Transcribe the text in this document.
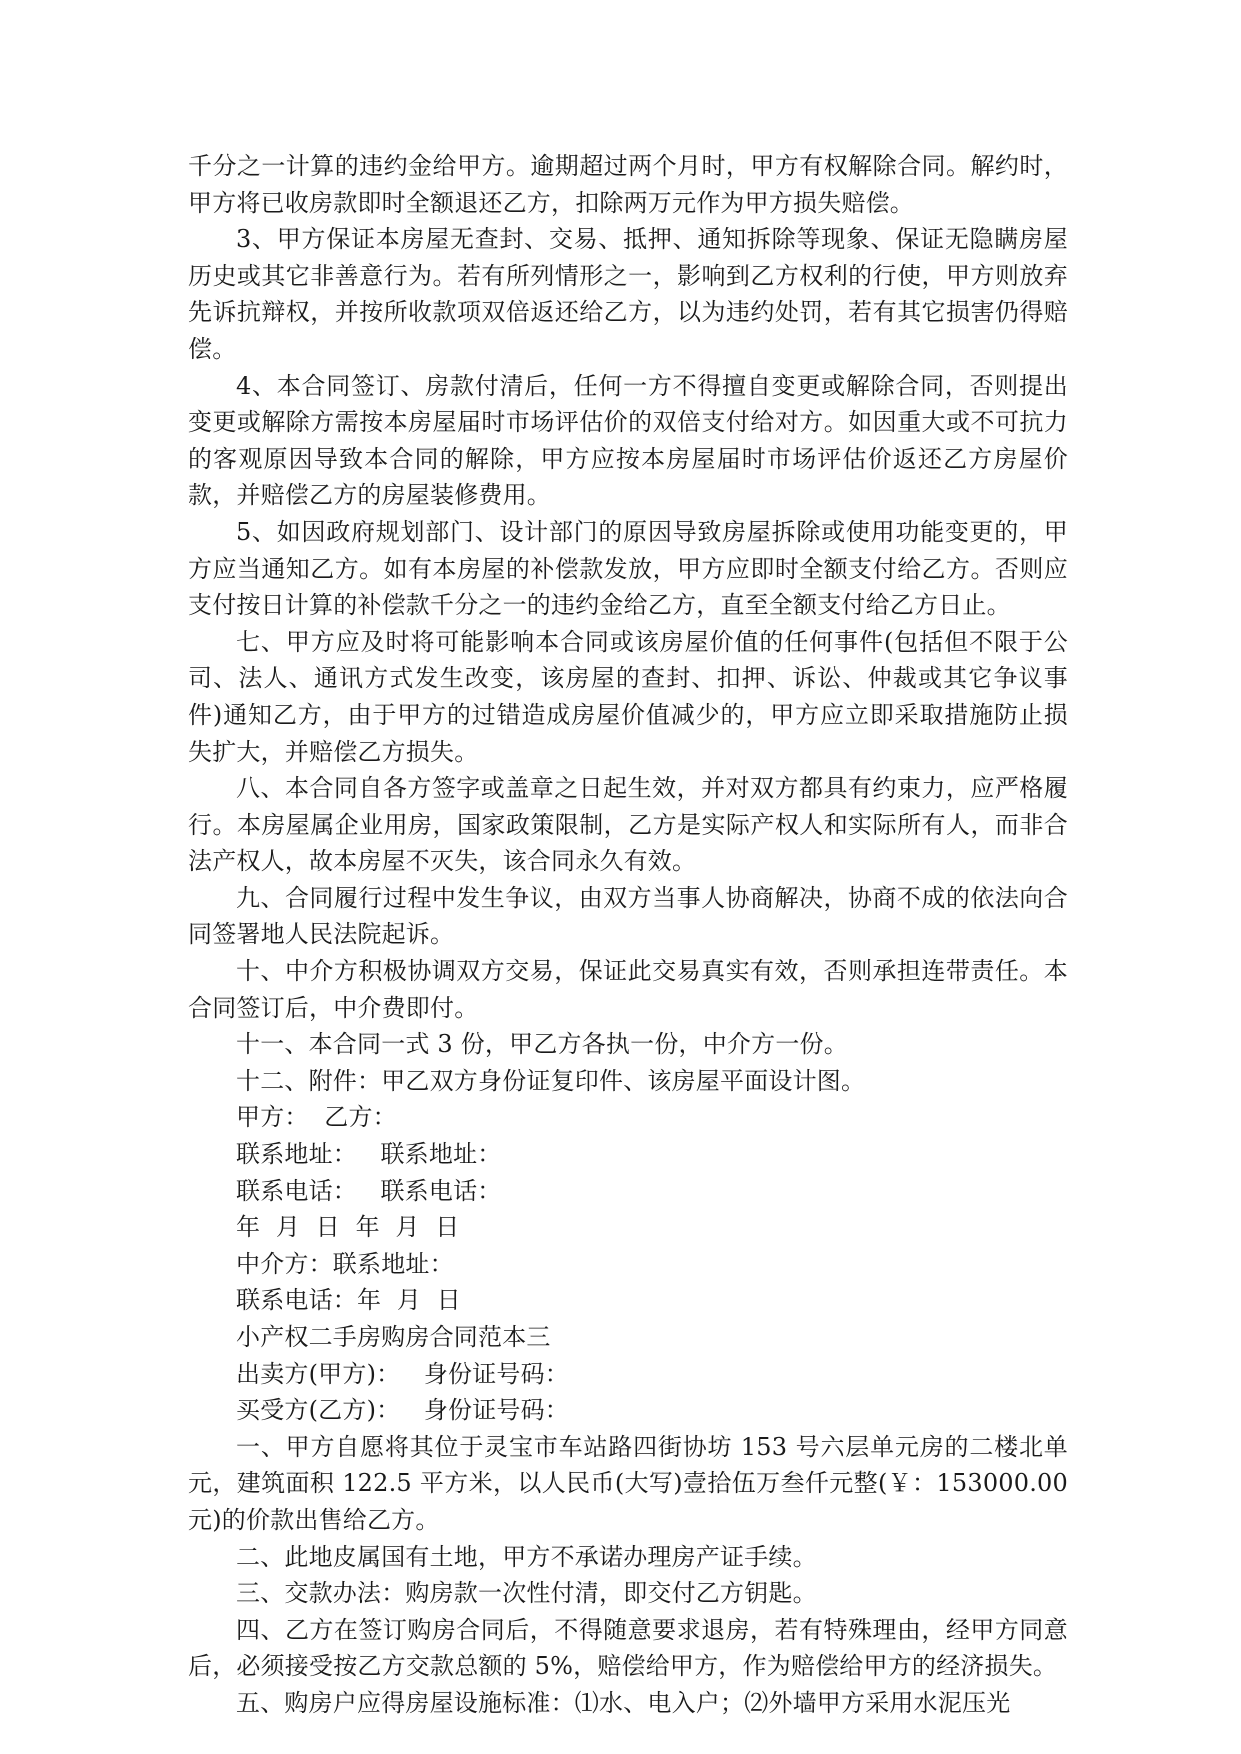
千分之一计算的违约金给甲方。逾期超过两个月时，甲方有权解除合同。解约时，甲方将已收房款即时全额退还乙方，扣除两万元作为甲方损失赔偿。

3、甲方保证本房屋无查封、交易、抵押、通知拆除等现象、保证无隐瞒房屋历史或其它非善意行为。若有所列情形之一，影响到乙方权利的行使，甲方则放弃先诉抗辩权，并按所收款项双倍返还给乙方，以为违约处罚，若有其它损害仍得赔偿。

4、本合同签订、房款付清后，任何一方不得擅自变更或解除合同，否则提出变更或解除方需按本房屋届时市场评估价的双倍支付给对方。如因重大或不可抗力的客观原因导致本合同的解除，甲方应按本房屋届时市场评估价返还乙方房屋价款，并赔偿乙方的房屋装修费用。

5、如因政府规划部门、设计部门的原因导致房屋拆除或使用功能变更的，甲方应当通知乙方。如有本房屋的补偿款发放，甲方应即时全额支付给乙方。否则应支付按日计算的补偿款千分之一的违约金给乙方，直至全额支付给乙方日止。

七、甲方应及时将可能影响本合同或该房屋价值的任何事件(包括但不限于公司、法人、通讯方式发生改变，该房屋的查封、扣押、诉讼、仲裁或其它争议事件)通知乙方，由于甲方的过错造成房屋价值减少的，甲方应立即采取措施防止损失扩大，并赔偿乙方损失。

八、本合同自各方签字或盖章之日起生效，并对双方都具有约束力，应严格履行。本房屋属企业用房，国家政策限制，乙方是实际产权人和实际所有人，而非合法产权人，故本房屋不灭失，该合同永久有效。

九、合同履行过程中发生争议，由双方当事人协商解决，协商不成的依法向合同签署地人民法院起诉。

十、中介方积极协调双方交易，保证此交易真实有效，否则承担连带责任。本合同签订后，中介费即付。

十一、本合同一式 3 份，甲乙方各执一份，中介方一份。

十二、附件：甲乙双方身份证复印件、该房屋平面设计图。

甲方：  乙方：

联系地址：   联系地址：

联系电话：   联系电话：

年  月  日  年  月  日

中介方：联系地址：

联系电话：年  月  日

小产权二手房购房合同范本三

出卖方(甲方)：   身份证号码：

买受方(乙方)：   身份证号码：

一、甲方自愿将其位于灵宝市车站路四街协坊 153 号六层单元房的二楼北单元，建筑面积 122.5 平方米，以人民币(大写)壹拾伍万叁仟元整(￥：153000.00 元)的价款出售给乙方。

二、此地皮属国有土地，甲方不承诺办理房产证手续。

三、交款办法：购房款一次性付清，即交付乙方钥匙。

四、乙方在签订购房合同后，不得随意要求退房，若有特殊理由，经甲方同意后，必须接受按乙方交款总额的 5%，赔偿给甲方，作为赔偿给甲方的经济损失。

五、购房户应得房屋设施标准：⑴水、电入户；⑵外墙甲方采用水泥压光
